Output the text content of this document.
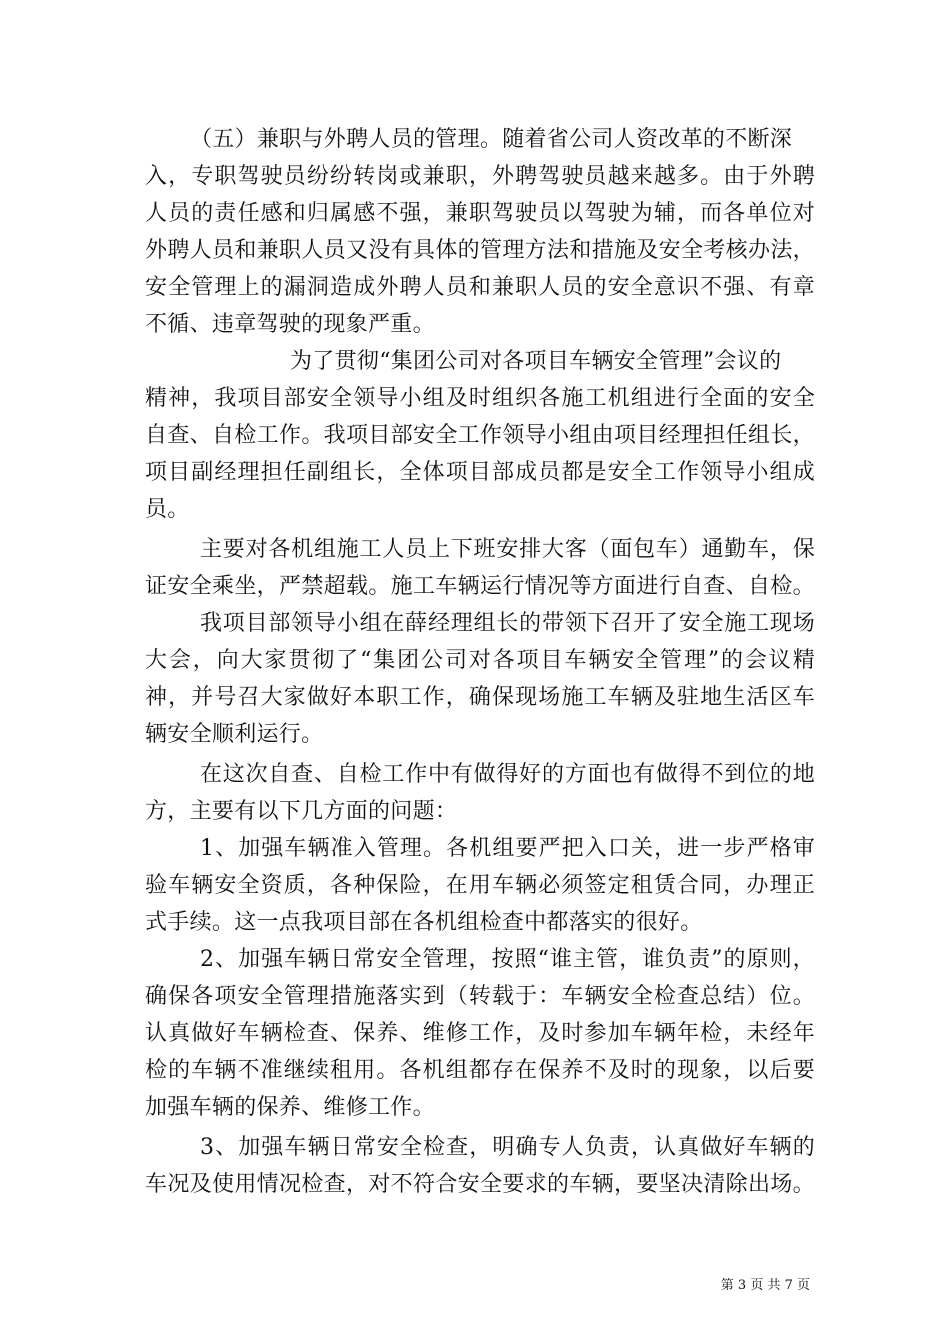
（五）兼职与外聘人员的管理。随着省公司人资改革的不断深
入，专职驾驶员纷纷转岗或兼职，外聘驾驶员越来越多。由于外聘
人员的责任感和归属感不强，兼职驾驶员以驾驶为辅，而各单位对
外聘人员和兼职人员又没有具体的管理方法和措施及安全考核办法，
安全管理上的漏洞造成外聘人员和兼职人员的安全意识不强、有章
不循、违章驾驶的现象严重。
为了贯彻“集团公司对各项目车辆安全管理”会议的
精神，我项目部安全领导小组及时组织各施工机组进行全面的安全
自查、自检工作。我项目部安全工作领导小组由项目经理担任组长，
项目副经理担任副组长，全体项目部成员都是安全工作领导小组成
员。
主要对各机组施工人员上下班安排大客（面包车）通勤车，保
证安全乘坐，严禁超载。施工车辆运行情况等方面进行自查、自检。
我项目部领导小组在薛经理组长的带领下召开了安全施工现场
大会，向大家贯彻了“集团公司对各项目车辆安全管理”的会议精
神，并号召大家做好本职工作，确保现场施工车辆及驻地生活区车
辆安全顺利运行。
在这次自查、自检工作中有做得好的方面也有做得不到位的地
方，主要有以下几方面的问题：
1、加强车辆准入管理。各机组要严把入口关，进一步严格审
验车辆安全资质，各种保险，在用车辆必须签定租赁合同，办理正
式手续。这一点我项目部在各机组检查中都落实的很好。
2、加强车辆日常安全管理，按照“谁主管，谁负责”的原则，
确保各项安全管理措施落实到（转载于：车辆安全检查总结）位。
认真做好车辆检查、保养、维修工作，及时参加车辆年检，未经年
检的车辆不准继续租用。各机组都存在保养不及时的现象，以后要
加强车辆的保养、维修工作。
3、加强车辆日常安全检查，明确专人负责，认真做好车辆的
车况及使用情况检查，对不符合安全要求的车辆，要坚决清除出场。
第 3 页 共 7 页
